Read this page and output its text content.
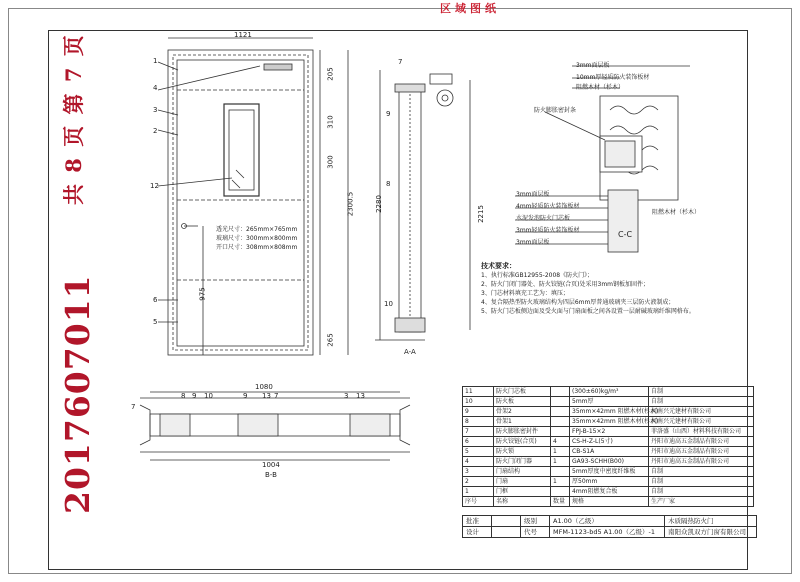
区域图纸
2017607011
共 8 页 第 7 页	1121
205
310
300
2300.5
975
265
1
4
3
2
12
6
5
透光尺寸：265mm×765mm
玻璃尺寸：300mm×800mm
开口尺寸：308mm×808mm
A-A
2280
2215
7
9
8
10
3mm面层板
10mm厚轻质防火装饰板材
阻燃木材（杉木）
防火膨胀密封条
3mm面层板
4mm轻质防火装饰板材
水泥发泡防火门芯板
3mm轻质防火装饰板材
3mm面层板
阻燃木材（杉木）
C-C
1080
1004
B-B
7
8 9 10	9 13 7	3 13
技术要求：
1、执行标准GB12955-2008《防火门》；
2、防火门闭门器处、防火铰链(合页)处采用3mm钢板加固件；
3、门芯材料填充工艺为：填压；
4、复合隔热型防火玻璃结构为四层6mm厚普通玻璃夹三层防火液制成；
5、防火门芯板侧边面及受火面与门扇面板之间各设置一层耐碱玻璃纤维网格布。
11	防火门芯板		(300±60)kg/m³	自制
10	防火板		5mm厚	自制
9	骨架2		35mm×42mm 阻燃木材(杉木)	河南兴元建材有限公司
8	骨架1		35mm×42mm 阻燃木材(杉木)	河南兴元建材有限公司
7	防火膨胀密封件		FPJ-B-15×2	菲洛盛（山西）材料科技有限公司
6	防火铰链(合页)	4	CS-H-Z-L(5寸)	丹阳市迪高五金制品有限公司
5	防火锁	1	CB-S1A	丹阳市迪高五金制品有限公司
4	防火门闭门器	1	GA93-SCHH(B00)	丹阳市迪高五金制品有限公司
3	门扇结构		5mm厚度中密度纤维板	自制
2	门扇	1	厚50mm	自制
1	门框		4mm阻燃复合板	自制
序号	名称	数量	规格	生产厂家
批准		级别	A1.00（乙级）	木质隔热防火门
设计		代号	MFM-1123-bd5 A1.00（乙级）-1	南阳众凯双方门窗有限公司
